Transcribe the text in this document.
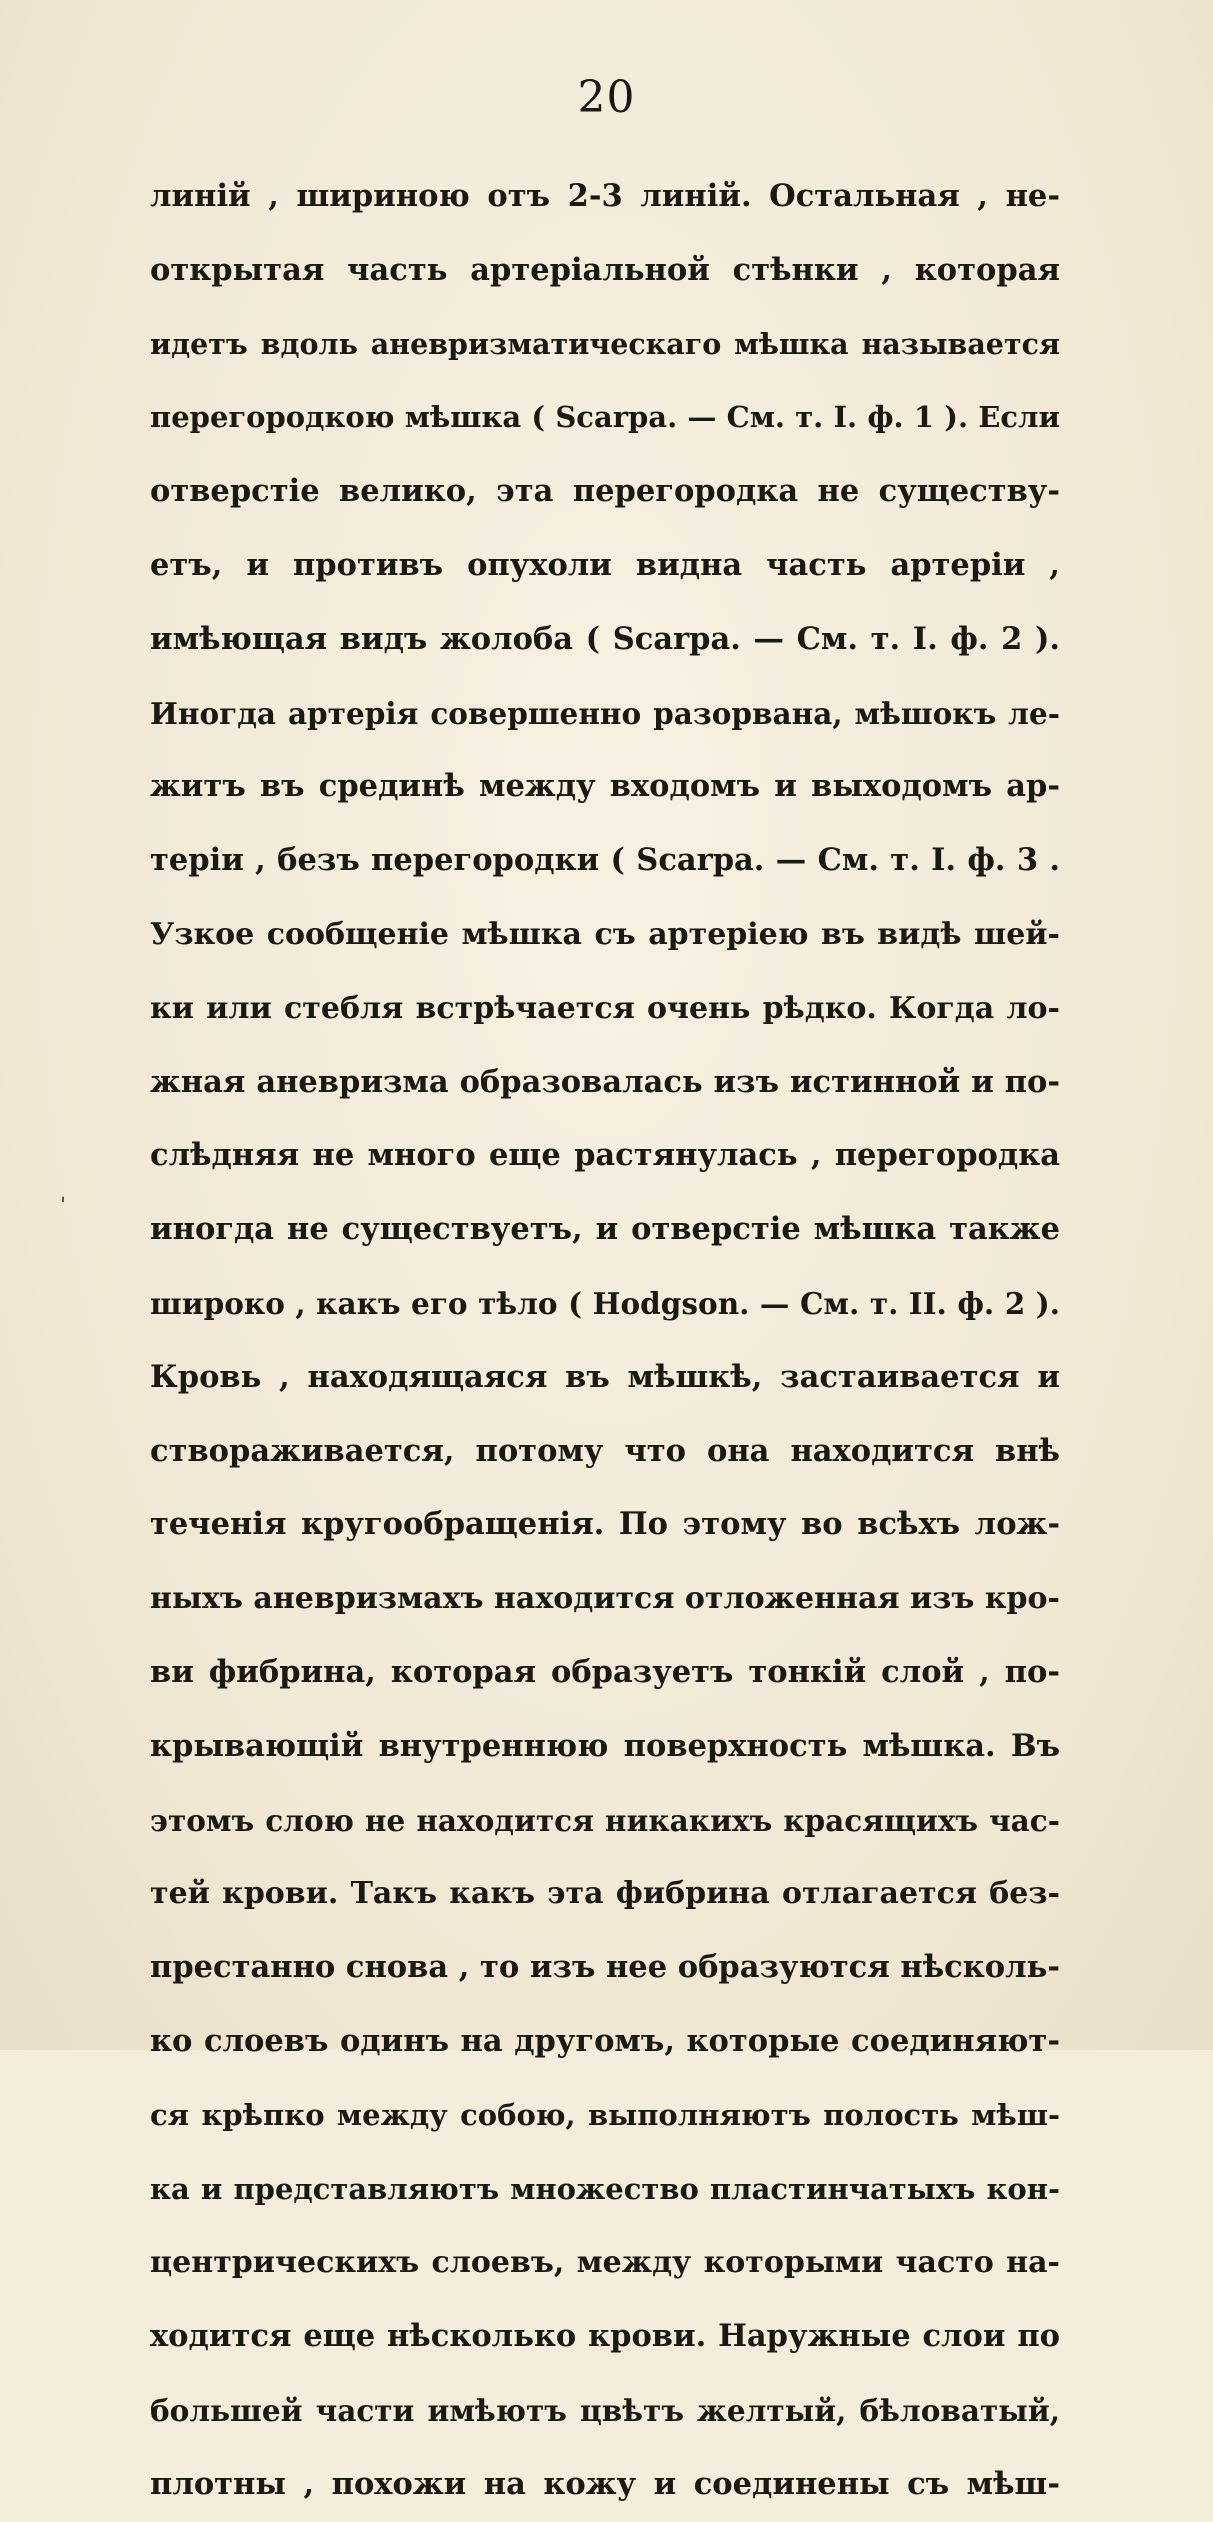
20
ˌ
линій , шириною отъ 2-3 линій. Остальная , не-
открытая часть артеріальной стѣнки , которая
идетъ вдоль аневризматическаго мѣшка называется
перегородкою мѣшка ( Scarpa. — См. т. I. ф. 1 ). Если
отверстіе велико, эта перегородка не существу-
етъ, и противъ опухоли видна часть артеріи ,
имѣющая видъ жолоба ( Scarpa. — См. т. I. ф. 2 ).
Иногда артерія совершенно разорвана, мѣшокъ ле-
житъ въ срединѣ между входомъ и выходомъ ар-
теріи , безъ перегородки ( Scarpa. — См. т. I. ф. 3 .
Узкое сообщеніе мѣшка съ артеріею въ видѣ шей-
ки или стебля встрѣчается очень рѣдко. Когда ло-
жная аневризма образовалась изъ истинной и по-
слѣдняя не много еще растянулась , перегородка
иногда не существуетъ, и отверстіе мѣшка также
широко , какъ его тѣло ( Hodgson. — См. т. II. ф. 2 ).
Кровь , находящаяся въ мѣшкѣ, застаивается и
створаживается, потому что она находится внѣ
теченія кругообращенія. По этому во всѣхъ лож-
ныхъ аневризмахъ находится отложенная изъ кро-
ви фибрина, которая образуетъ тонкій слой , по-
крывающій внутреннюю поверхность мѣшка. Въ
этомъ слою не находится никакихъ красящихъ час-
тей крови. Такъ какъ эта фибрина отлагается без-
престанно снова , то изъ нее образуются нѣсколь-
ко слоевъ одинъ на другомъ, которые соединяют-
ся крѣпко между собою, выполняютъ полость мѣш-
ка и представляютъ множество пластинчатыхъ кон-
центрическихъ слоевъ, между которыми часто на-
ходится еще нѣсколько крови. Наружные слои по
большей части имѣютъ цвѣтъ желтый, бѣловатый,
плотны , похожи на кожу и соединены съ мѣш-
